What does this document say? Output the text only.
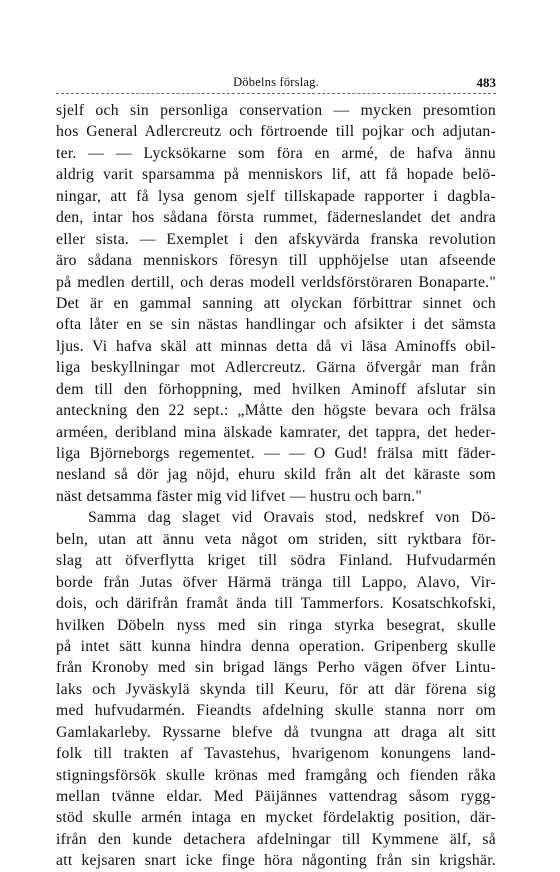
Döbelns förslag.	483
sjelf och sin personliga conservation — mycken presomtion
hos General Adlercreutz och förtroende till pojkar och adjutan-
ter. — — Lycksökarne som föra en armé, de hafva ännu
aldrig varit sparsamma på menniskors lif, att få hopade belö-
ningar, att få lysa genom sjelf tillskapade rapporter i dagbla-
den, intar hos sådana första rummet, fäderneslandet det andra
eller sista. — Exemplet i den afskyvärda franska revolution
äro sådana menniskors föresyn till upphöjelse utan afseende
på medlen dertill, och deras modell verldsförstöraren Bonaparte."
Det är en gammal sanning att olyckan förbittrar sinnet och
ofta låter en se sin nästas handlingar och afsikter i det sämsta
ljus. Vi hafva skäl att minnas detta då vi läsa Aminoffs obil-
liga beskyllningar mot Adlercreutz. Gärna öfvergår man från
dem till den förhoppning, med hvilken Aminoff afslutar sin
anteckning den 22 sept.: „Måtte den högste bevara och frälsa
arméen, deribland mina älskade kamrater, det tappra, det heder-
liga Björneborgs regementet. — — O Gud! frälsa mitt fäder-
nesland så dör jag nöjd, ehuru skild från alt det käraste som
näst detsamma fäster mig vid lifvet — hustru och barn."
Samma dag slaget vid Oravais stod, nedskref von Dö-
beln, utan att ännu veta något om striden, sitt ryktbara för-
slag att öfverflytta kriget till södra Finland. Hufvudarmén
borde från Jutas öfver Härmä tränga till Lappo, Alavo, Vir-
dois, och därifrån framåt ända till Tammerfors. Kosatschkofski,
hvilken Döbeln nyss med sin ringa styrka besegrat, skulle
på intet sätt kunna hindra denna operation. Gripenberg skulle
från Kronoby med sin brigad längs Perho vägen öfver Lintu-
laks och Jyväskylä skynda till Keuru, för att där förena sig
med hufvudarmén. Fieandts afdelning skulle stanna norr om
Gamlakarleby. Ryssarne blefve då tvungna att draga alt sitt
folk till trakten af Tavastehus, hvarigenom konungens land-
stigningsförsök skulle krönas med framgång och fienden råka
mellan tvänne eldar. Med Päijännes vattendrag såsom rygg-
stöd skulle armén intaga en mycket fördelaktig position, där-
ifrån den kunde detachera afdelningar till Kymmene älf, så
att kejsaren snart icke finge höra någonting från sin krigshär.
